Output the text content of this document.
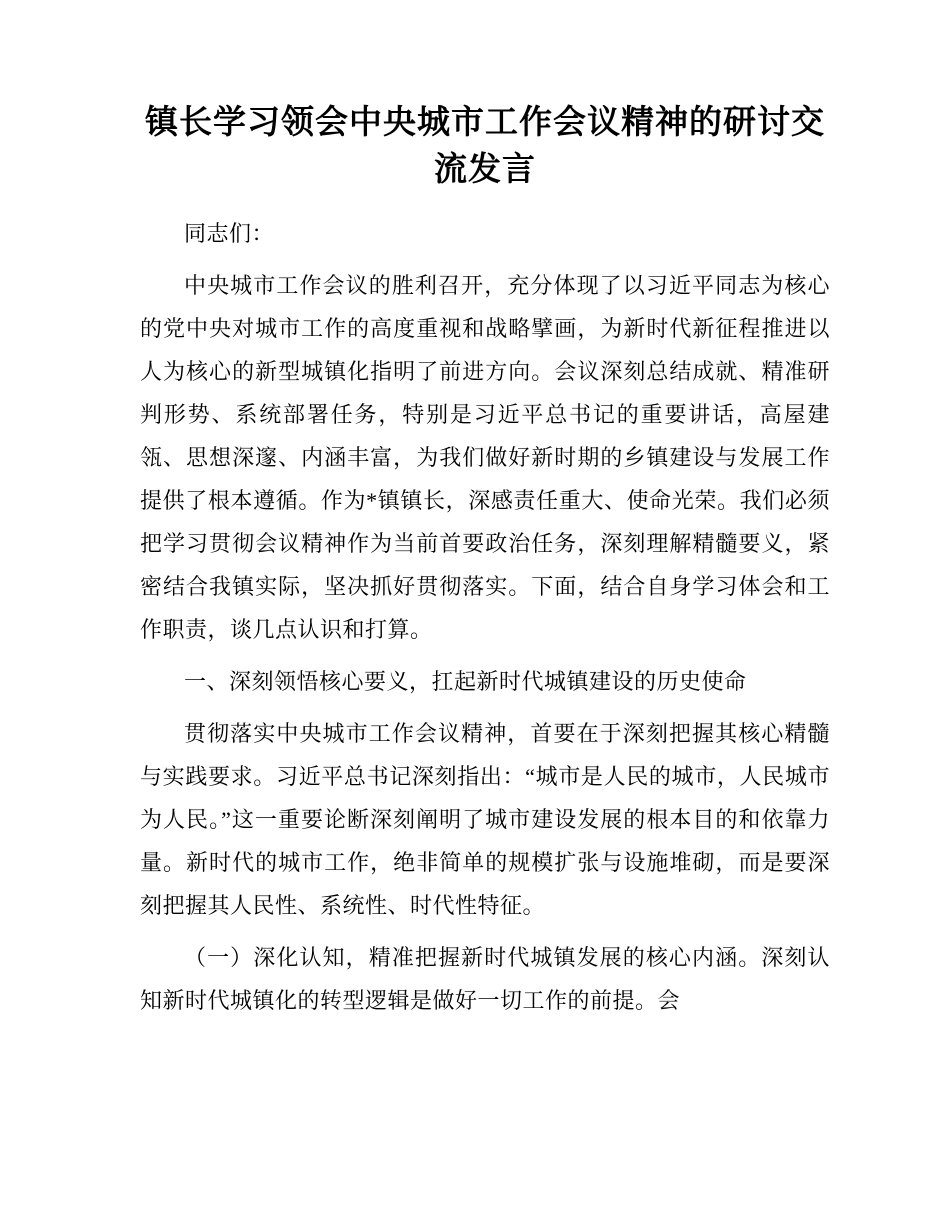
镇长学习领会中央城市工作会议精神的研讨交流发言

同志们：

中央城市工作会议的胜利召开，充分体现了以习近平同志为核心的党中央对城市工作的高度重视和战略擘画，为新时代新征程推进以人为核心的新型城镇化指明了前进方向。会议深刻总结成就、精准研判形势、系统部署任务，特别是习近平总书记的重要讲话，高屋建瓴、思想深邃、内涵丰富，为我们做好新时期的乡镇建设与发展工作提供了根本遵循。作为*镇镇长，深感责任重大、使命光荣。我们必须把学习贯彻会议精神作为当前首要政治任务，深刻理解精髓要义，紧密结合我镇实际，坚决抓好贯彻落实。下面，结合自身学习体会和工作职责，谈几点认识和打算。

一、深刻领悟核心要义，扛起新时代城镇建设的历史使命

贯彻落实中央城市工作会议精神，首要在于深刻把握其核心精髓与实践要求。习近平总书记深刻指出：“城市是人民的城市，人民城市为人民。”这一重要论断深刻阐明了城市建设发展的根本目的和依靠力量。新时代的城市工作，绝非简单的规模扩张与设施堆砌，而是要深刻把握其人民性、系统性、时代性特征。

（一）深化认知，精准把握新时代城镇发展的核心内涵。深刻认知新时代城镇化的转型逻辑是做好一切工作的前提。会
